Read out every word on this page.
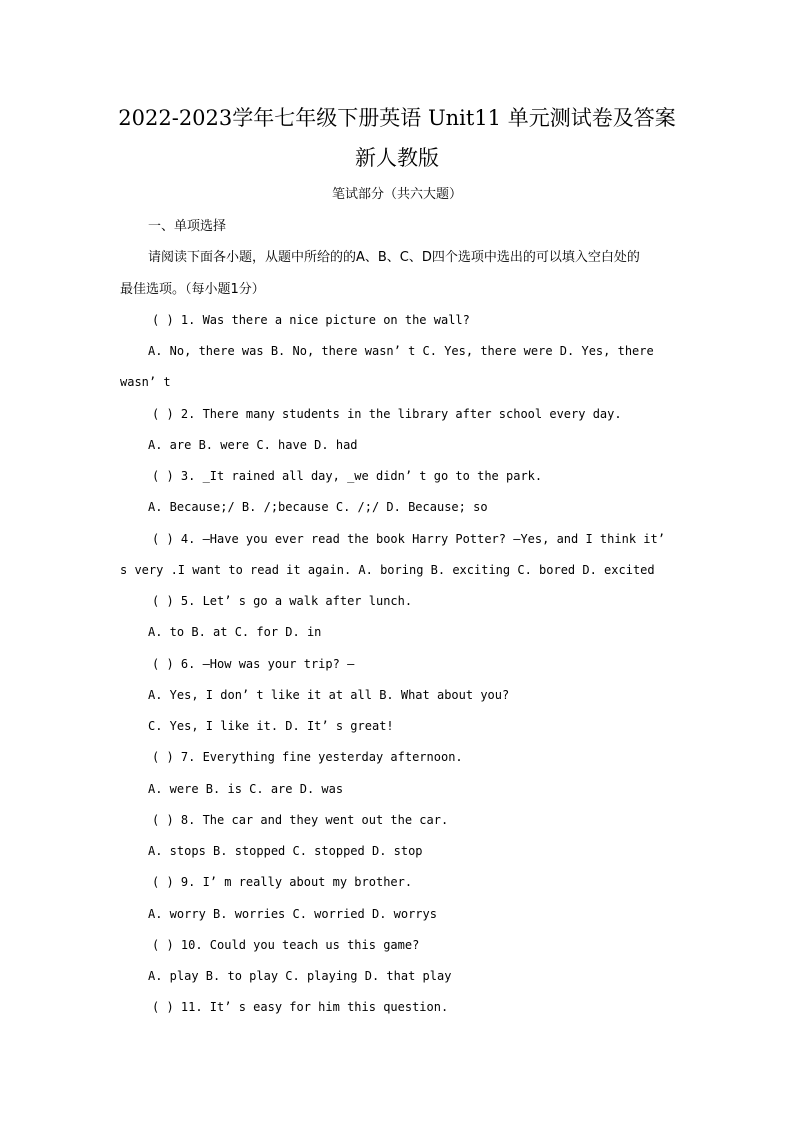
2022-2023学年七年级下册英语 Unit11 单元测试卷及答案
新人教版
笔试部分（共六大题）
一、单项选择
请阅读下面各小题，从题中所给的的A、B、C、D四个选项中选出的可以填入空白处的
最佳选项。（每小题1分）
( ) 1. Was there a nice picture on the wall?
A. No, there was B. No, there wasn’ t C. Yes, there were D. Yes, there
wasn’ t
( ) 2. There many students in the library after school every day.
A. are B. were C. have D. had
( ) 3. _It rained all day, _we didn’ t go to the park.
A. Because;/ B. /;because C. /;/ D. Because; so
( ) 4. —Have you ever read the book Harry Potter? —Yes, and I think it’
s very .I want to read it again. A. boring B. exciting C. bored D. excited
( ) 5. Let’ s go a walk after lunch.
A. to B. at C. for D. in
( ) 6. —How was your trip? —
A. Yes, I don’ t like it at all B. What about you?
C. Yes, I like it. D. It’ s great!
( ) 7. Everything fine yesterday afternoon.
A. were B. is C. are D. was
( ) 8. The car and they went out the car.
A. stops B. stopped C. stopped D. stop
( ) 9. I’ m really about my brother.
A. worry B. worries C. worried D. worrys
( ) 10. Could you teach us this game?
A. play B. to play C. playing D. that play
( ) 11. It’ s easy for him this question.
